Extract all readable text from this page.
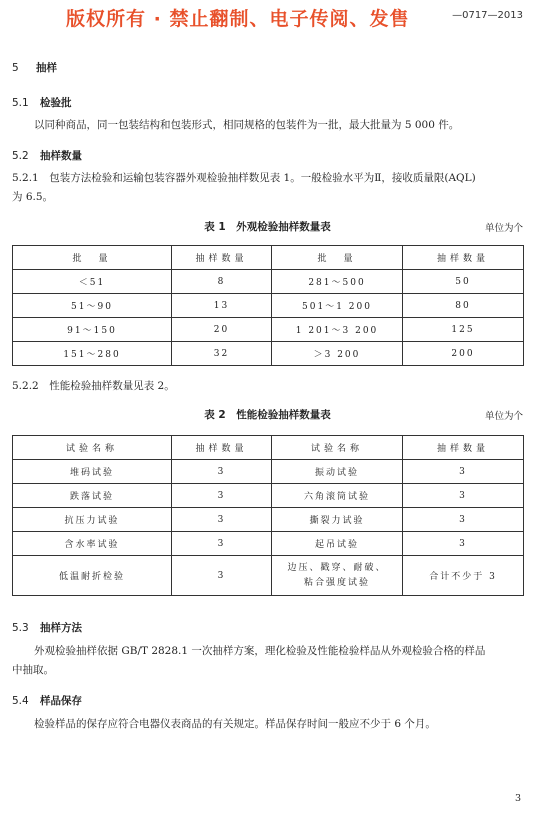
—0717—2013
版权所有 · 禁止翻制、电子传阅、发售
5 抽样
5.1 检验批
以同种商品，同一包装结构和包装形式，相同规格的包装件为一批，最大批量为 5 000 件。
5.2 抽样数量
5.2.1　包装方法检验和运输包装容器外观检验抽样数见表 1。一般检验水平为Ⅱ，接收质量限(AQL)
为 6.5。
表 1　外观检验抽样数量表	单位为个
批　量	抽样数量	批　量	抽样数量
＜51	8	281～500	50
51～90	13	501～1 200	80
91～150	20	1 201～3 200	125
151～280	32	＞3 200	200
5.2.2　性能检验抽样数量见表 2。
表 2　性能检验抽样数量表	单位为个
试验名称	抽样数量	试验名称	抽样数量
堆码试验	3	振动试验	3
跌落试验	3	六角滚筒试验	3
抗压力试验	3	撕裂力试验	3
含水率试验	3	起吊试验	3
低温耐折检验	3	边压、戳穿、耐破、粘合强度试验	合计不少于 3
5.3 抽样方法
外观检验抽样依据 GB/T 2828.1 一次抽样方案，理化检验及性能检验样品从外观检验合格的样品
中抽取。
5.4 样品保存
检验样品的保存应符合电器仪表商品的有关规定。样品保存时间一般应不少于 6 个月。
3
